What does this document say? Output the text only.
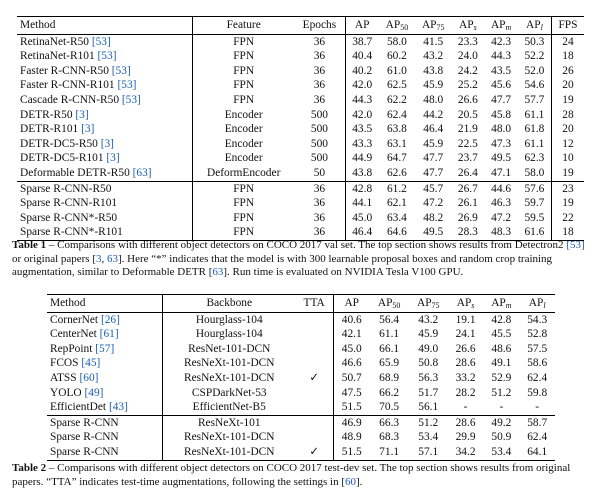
Method	Feature	Epochs	AP	$AP_{50}$	$AP_{75}$	$AP_s$	$AP_m$	$AP_l$	FPS
RetinaNet-R50 [53]	FPN	36	38.7	58.0	41.5	23.3	42.3	50.3	24
RetinaNet-R101 [53]	FPN	36	40.4	60.2	43.2	24.0	44.3	52.2	18
Faster R-CNN-R50 [53]	FPN	36	40.2	61.0	43.8	24.2	43.5	52.0	26
Faster R-CNN-R101 [53]	FPN	36	42.0	62.5	45.9	25.2	45.6	54.6	20
Cascade R-CNN-R50 [53]	FPN	36	44.3	62.2	48.0	26.6	47.7	57.7	19
DETR-R50 [3]	Encoder	500	42.0	62.4	44.2	20.5	45.8	61.1	28
DETR-R101 [3]	Encoder	500	43.5	63.8	46.4	21.9	48.0	61.8	20
DETR-DC5-R50 [3]	Encoder	500	43.3	63.1	45.9	22.5	47.3	61.1	12
DETR-DC5-R101 [3]	Encoder	500	44.9	64.7	47.7	23.7	49.5	62.3	10
Deformable DETR-R50 [63]	DeformEncoder	50	43.8	62.6	47.7	26.4	47.1	58.0	19
Sparse R-CNN-R50	FPN	36	42.8	61.2	45.7	26.7	44.6	57.6	23
Sparse R-CNN-R101	FPN	36	44.1	62.1	47.2	26.1	46.3	59.7	19
Sparse R-CNN*-R50	FPN	36	45.0	63.4	48.2	26.9	47.2	59.5	22
Sparse R-CNN*-R101	FPN	36	46.4	64.6	49.5	28.3	48.3	61.6	18
Table 1 – Comparisons with different object detectors on COCO 2017 val set. The top section shows results from Detectron2 [53] or original papers [3, 63]. Here “*” indicates that the model is with 300 learnable proposal boxes and random crop training augmentation, similar to Deformable DETR [63]. Run time is evaluated on NVIDIA Tesla V100 GPU.
Method	Backbone	TTA	AP	$AP_{50}$	$AP_{75}$	$AP_s$	$AP_m$	$AP_l$
CornerNet [26]	Hourglass-104		40.6	56.4	43.2	19.1	42.8	54.3
CenterNet [61]	Hourglass-104		42.1	61.1	45.9	24.1	45.5	52.8
RepPoint [57]	ResNet-101-DCN		45.0	66.1	49.0	26.6	48.6	57.5
FCOS [45]	ResNeXt-101-DCN		46.6	65.9	50.8	28.6	49.1	58.6
ATSS [60]	ResNeXt-101-DCN	✓	50.7	68.9	56.3	33.2	52.9	62.4
YOLO [49]	CSPDarkNet-53		47.5	66.2	51.7	28.2	51.2	59.8
EfficientDet [43]	EfficientNet-B5		51.5	70.5	56.1	-	-	-
Sparse R-CNN	ResNeXt-101		46.9	66.3	51.2	28.6	49.2	58.7
Sparse R-CNN	ResNeXt-101-DCN		48.9	68.3	53.4	29.9	50.9	62.4
Sparse R-CNN	ResNeXt-101-DCN	✓	51.5	71.1	57.1	34.2	53.4	64.1
Table 2 – Comparisons with different object detectors on COCO 2017 test-dev set. The top section shows results from original papers. “TTA” indicates test-time augmentations, following the settings in [60].
